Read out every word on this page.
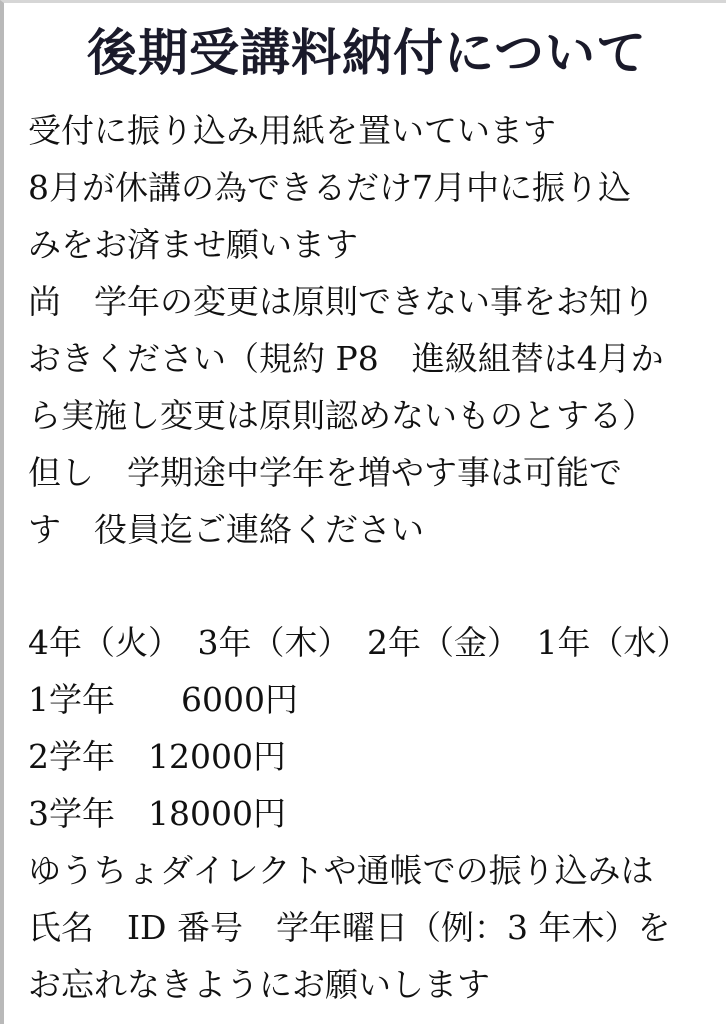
後期受講料納付について
受付に振り込み用紙を置いています
8月が休講の為できるだけ7月中に振り込
みをお済ませ願います
尚　学年の変更は原則できない事をお知り
おきください（規約 P8　進級組替は4月か
ら実施し変更は原則認めないものとする）
但し　学期途中学年を増やす事は可能で
す　役員迄ご連絡ください
4年（火）　3年（木）　2年（金）　1年（水）
1学年　　6000円
2学年　12000円
3学年　18000円
ゆうちょダイレクトや通帳での振り込みは
氏名　ID 番号　学年曜日（例：3 年木）を
お忘れなきようにお願いします
